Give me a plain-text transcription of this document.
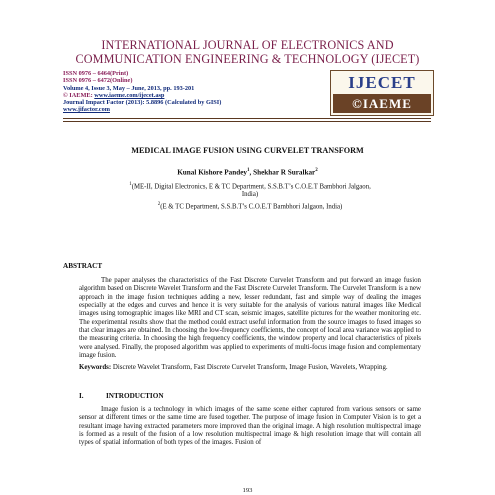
INTERNATIONAL JOURNAL OF ELECTRONICS AND
COMMUNICATION ENGINEERING & TECHNOLOGY (IJECET)
ISSN 0976 – 6464(Print)
ISSN 0976 – 6472(Online)
Volume 4, Issue 3, May – June, 2013, pp. 193-201
© IAEME: www.iaeme.com/ijecet.asp
Journal Impact Factor (2013): 5.8896 (Calculated by GISI)
www.jifactor.com
IJECET
©IAEME
MEDICAL IMAGE FUSION USING CURVELET TRANSFORM
Kunal Kishore Pandey$^1$, Shekhar R Suralkar$^2$
$^1$(ME-II, Digital Electronics, E & TC Department, S.S.B.T’s C.O.E.T Bambhori Jalgaon,
India)
$^2$(E & TC Department, S.S.B.T’s C.O.E.T Bambhori Jalgaon, India)
ABSTRACT
The paper analyses the characteristics of the Fast Discrete Curvelet Transform and put forward an image fusion algorithm based on Discrete Wavelet Transform and the Fast Discrete Curvelet Transform. The Curvelet Transform is a new approach in the image fusion techniques adding a new, lesser redundant, fast and simple way of dealing the images especially at the edges and curves and hence it is very suitable for the analysis of various natural images like Medical images using tomographic images like MRI and CT scan, seismic images, satellite pictures for the weather monitoring etc. The experimental results show that the method could extract useful information from the source images to fused images so that clear images are obtained. In choosing the low-frequency coefficients, the concept of local area variance was applied to the measuring criteria. In choosing the high frequency coefficients, the window property and local characteristics of pixels were analysed. Finally, the proposed algorithm was applied to experiments of multi-focus image fusion and complementary image fusion.
Keywords: Discrete Wavelet Transform, Fast Discrete Curvelet Transform, Image Fusion, Wavelets, Wrapping.
I.	INTRODUCTION
Image fusion is a technology in which images of the same scene either captured from various sensors or same sensor at different times or the same time are fused together. The purpose of image fusion in Computer Vision is to get a resultant image having extracted parameters more improved than the original image. A high resolution multispectral image is formed as a result of the fusion of a low resolution multispectral image & high resolution image that will contain all types of spatial information of both types of the images. Fusion of
193
